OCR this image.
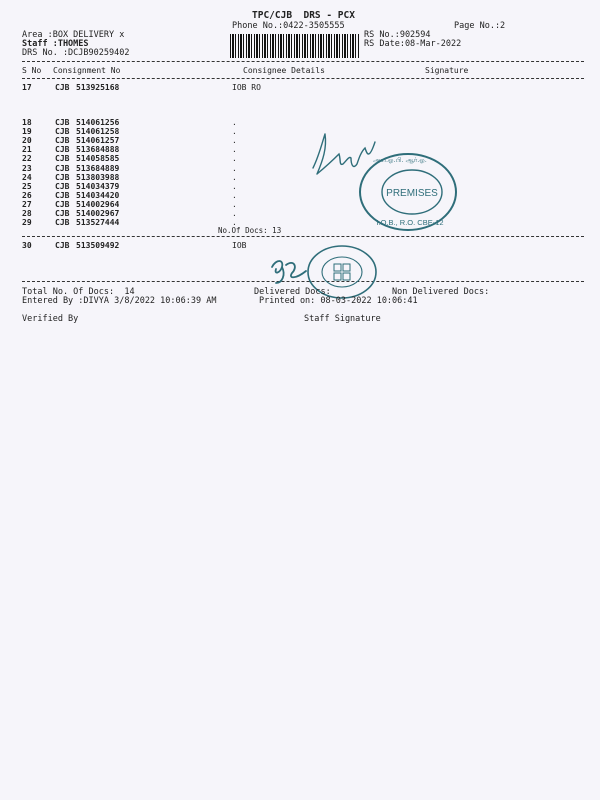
TPC/CJB  DRS - PCX
Phone No.:0422-3505555	Page No.:2
Area :BOX DELIVERY x
Staff :THOMES
DRS No. :DCJB90259402
RS No.:902594
RS Date:08-Mar-2022
S No Consignment No	Consignee Details	Signature
17	CJB 513925168	IOB RO
18	CJB 514061256	.
19	CJB 514061258	.
20	CJB 514061257	.
21	CJB 513684888	.
22	CJB 514058585	.
23	CJB 513684889	.
24	CJB 513803988	.
25	CJB 514034379	.
26	CJB 514034420	.
27	CJB 514002964	.
28	CJB 514002967	.
29	CJB 513527444	.
No.Of Docs: 13
30	CJB 513509492	IOB
PREMISES
I.O.B., R.O. CBE-12
அய.ஓ.பி. ஆர்.ஓ.
Total No. Of Docs:  14	Delivered Docs:	Non Delivered Docs:
Entered By :DIVYA 3/8/2022 10:06:39 AM	Printed on: 08-03-2022 10:06:41
Verified By	Staff Signature
